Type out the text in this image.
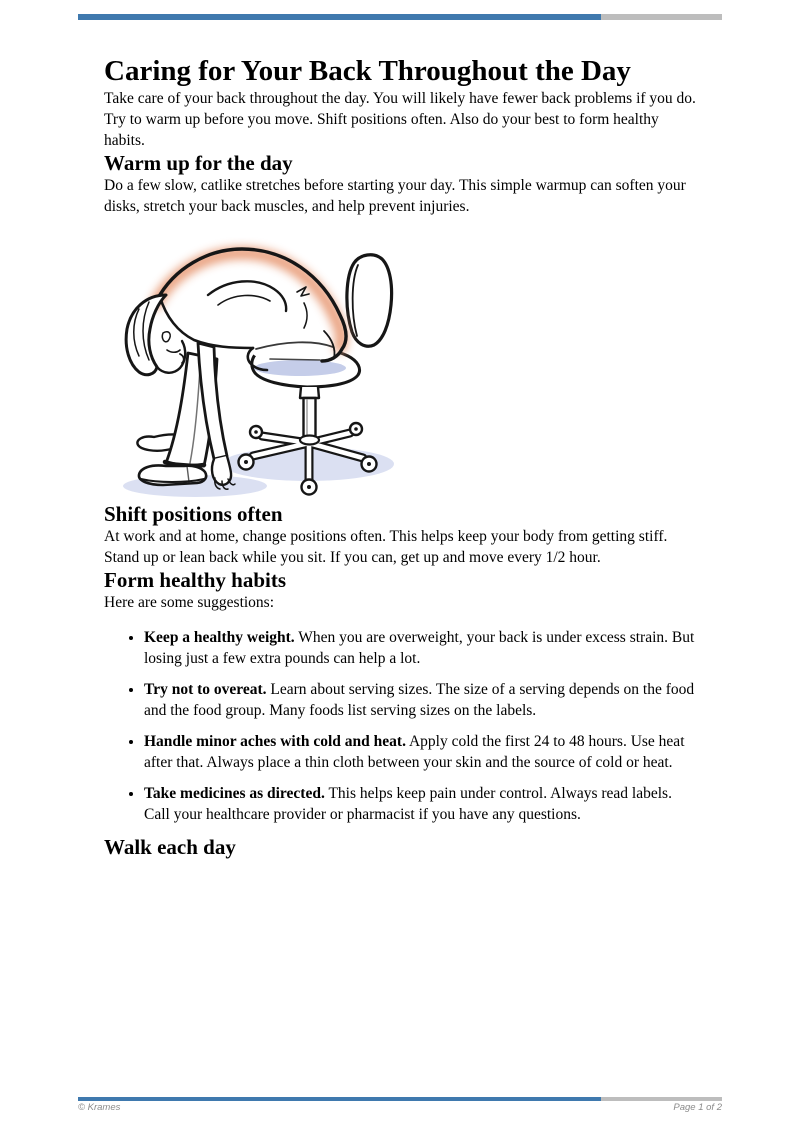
Caring for Your Back Throughout the Day

Take care of your back throughout the day. You will likely have fewer back problems if you do. Try to warm up before you move. Shift positions often. Also do your best to form healthy habits.

Warm up for the day

Do a few slow, catlike stretches before starting your day. This simple warmup can soften your disks, stretch your back muscles, and help prevent injuries.

Shift positions often

At work and at home, change positions often. This helps keep your body from getting stiff. Stand up or lean back while you sit. If you can, get up and move every 1/2 hour.

Form healthy habits

Here are some suggestions:

• Keep a healthy weight. When you are overweight, your back is under excess strain. But losing just a few extra pounds can help a lot.
• Try not to overeat. Learn about serving sizes. The size of a serving depends on the food and the food group. Many foods list serving sizes on the labels.
• Handle minor aches with cold and heat. Apply cold the first 24 to 48 hours. Use heat after that. Always place a thin cloth between your skin and the source of cold or heat.
• Take medicines as directed. This helps keep pain under control. Always read labels. Call your healthcare provider or pharmacist if you have any questions.
Walk each day
© Krames	Page 1 of 2
